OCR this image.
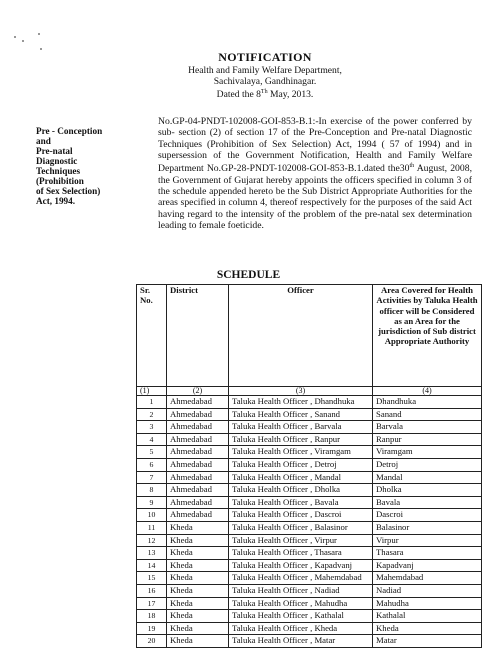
NOTIFICATION
Health and Family Welfare Department,
Sachivalaya, Gandhinagar.
Dated the 8Th May, 2013.
Pre - Conception
and
Pre-natal
Diagnostic
Techniques
(Prohibition
of Sex Selection)
Act, 1994.
No.GP-04-PNDT-102008-GOI-853-B.1:-In exercise of the power conferred by sub- section (2) of section 17 of the Pre-Conception and Pre-natal Diagnostic Techniques (Prohibition of Sex Selection) Act, 1994 ( 57 of 1994) and in supersession of the Government Notification, Health and Family Welfare Department No.GP-28-PNDT-102008-GOI-853-B.1.dated the30th August, 2008, the Government of Gujarat hereby appoints the officers specified in column 3 of the schedule appended hereto be the Sub District Appropriate Authorities for the areas specified in column 4, thereof respectively for the purposes of the said Act having regard to the intensity of the problem of the pre-natal sex determination leading to female foeticide.
SCHEDULE
Sr. No.	District	Officer	Area Covered for Health Activities by Taluka Health officer will be Considered as an Area for the jurisdiction of Sub district Appropriate Authority
(1)	(2)	(3)	(4)
1	Ahmedabad	Taluka Health Officer , Dhandhuka	Dhandhuka
2	Ahmedabad	Taluka Health Officer , Sanand	Sanand
3	Ahmedabad	Taluka Health Officer , Barvala	Barvala
4	Ahmedabad	Taluka Health Officer , Ranpur	Ranpur
5	Ahmedabad	Taluka Health Officer , Viramgam	Viramgam
6	Ahmedabad	Taluka Health Officer , Detroj	Detroj
7	Ahmedabad	Taluka Health Officer , Mandal	Mandal
8	Ahmedabad	Taluka Health Officer , Dholka	Dholka
9	Ahmedabad	Taluka Health Officer , Bavala	Bavala
10	Ahmedabad	Taluka Health Officer , Dascroi	Dascroi
11	Kheda	Taluka Health Officer , Balasinor	Balasinor
12	Kheda	Taluka Health Officer , Virpur	Virpur
13	Kheda	Taluka Health Officer , Thasara	Thasara
14	Kheda	Taluka Health Officer , Kapadvanj	Kapadvanj
15	Kheda	Taluka Health Officer , Mahemdabad	Mahemdabad
16	Kheda	Taluka Health Officer , Nadiad	Nadiad
17	Kheda	Taluka Health Officer , Mahudha	Mahudha
18	Kheda	Taluka Health Officer , Kathalal	Kathalal
19	Kheda	Taluka Health Officer , Kheda	Kheda
20	Kheda	Taluka Health Officer , Matar	Matar
